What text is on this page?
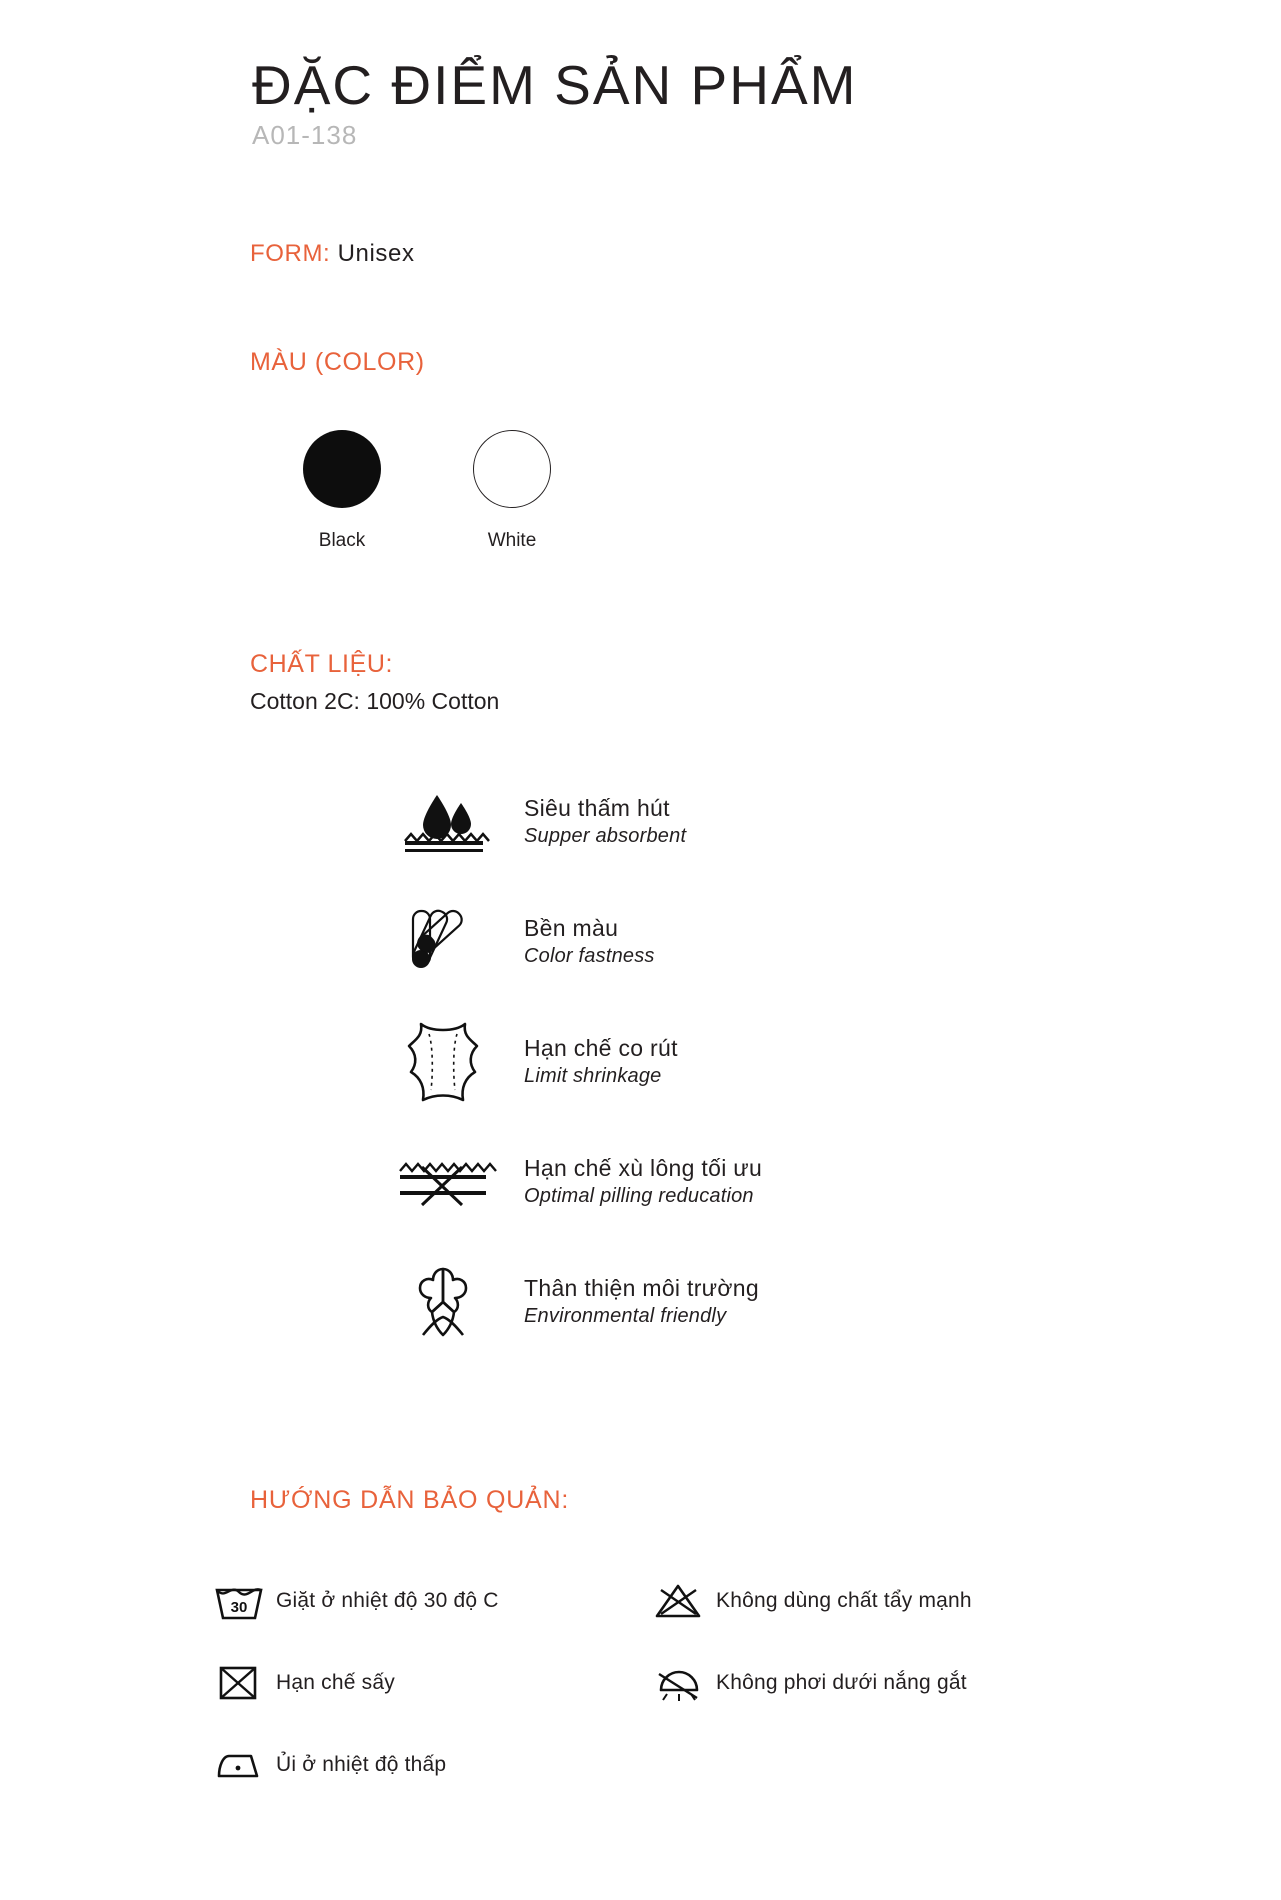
ĐẶC ĐIỂM SẢN PHẨM
A01-138
FORM: Unisex
MÀU (COLOR)
Black	White
CHẤT LIỆU:
Cotton 2C: 100% Cotton
Siêu thấm hút
Supper absorbent
Bền màu
Color fastness
Hạn chế co rút
Limit shrinkage
Hạn chế xù lông tối ưu
Optimal pilling reducation
Thân thiện môi trường
Environmental friendly
HƯỚNG DẪN BẢO QUẢN:
30 Giặt ở nhiệt độ 30 độ C
Hạn chế sấy
Ủi ở nhiệt độ thấp
Không dùng chất tẩy mạnh
Không phơi dưới nắng gắt
